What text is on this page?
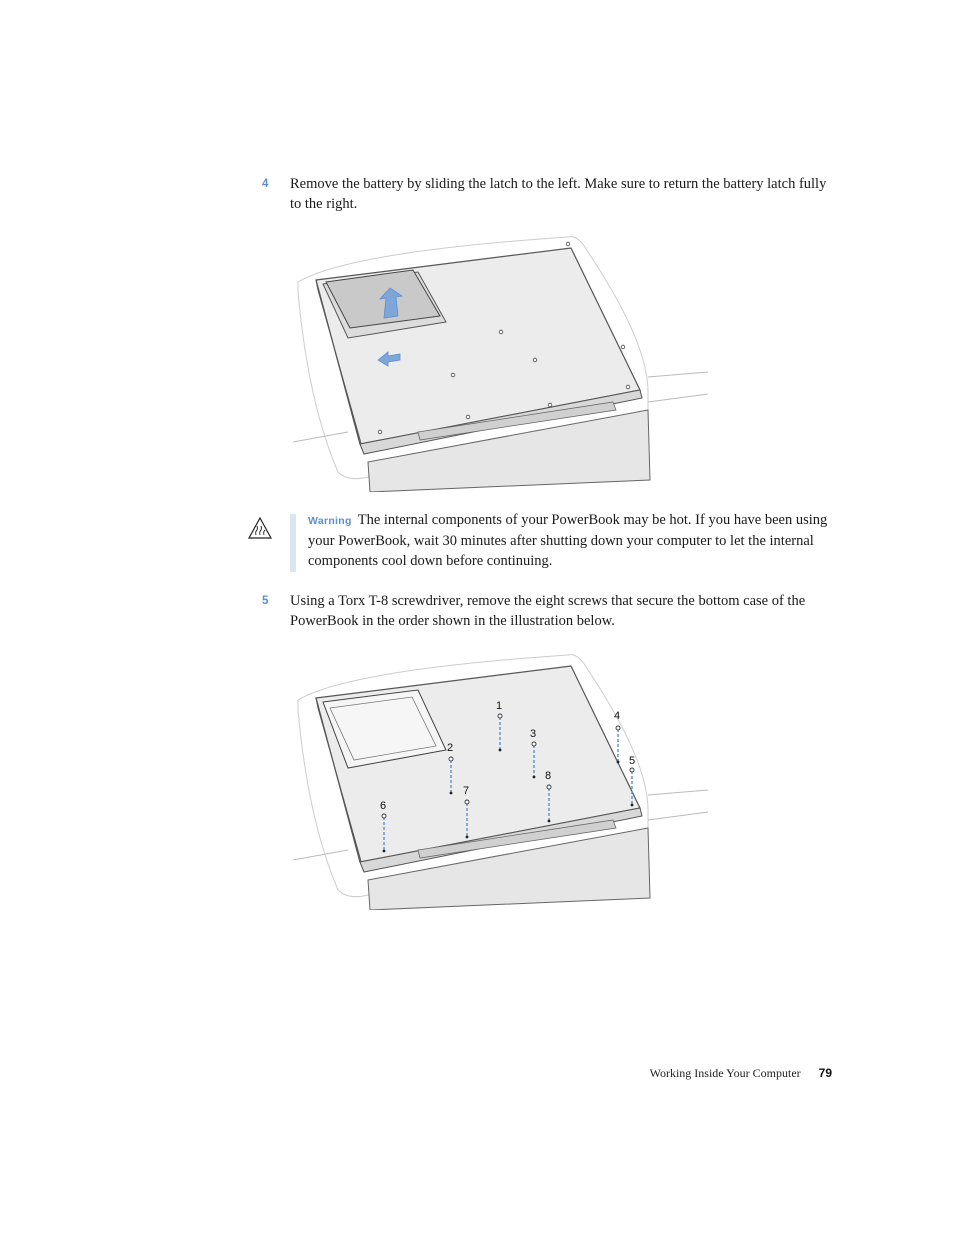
4 Remove the battery by sliding the latch to the left. Make sure to return the battery latch fully to the right.
Warning The internal components of your PowerBook may be hot. If you have been using your PowerBook, wait 30 minutes after shutting down your computer to let the internal components cool down before continuing.
5 Using a Torx T-8 screwdriver, remove the eight screws that secure the bottom case of the PowerBook in the order shown in the illustration below.
1
2
3
4
5
6
7
8
Working Inside Your Computer 79
